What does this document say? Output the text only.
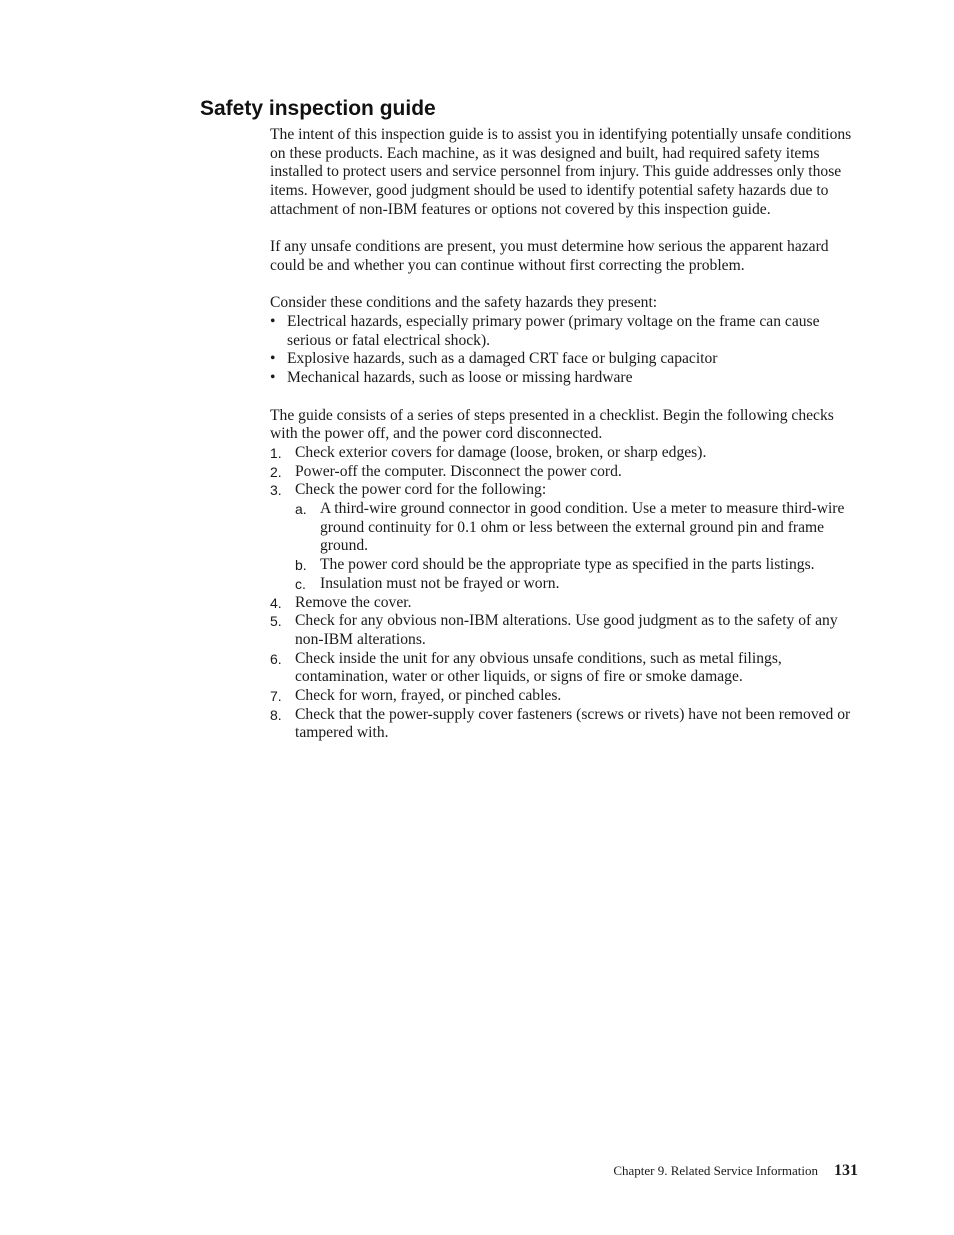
Safety inspection guide

The intent of this inspection guide is to assist you in identifying potentially unsafe conditions on these products. Each machine, as it was designed and built, had required safety items installed to protect users and service personnel from injury. This guide addresses only those items. However, good judgment should be used to identify potential safety hazards due to attachment of non-IBM features or options not covered by this inspection guide.

If any unsafe conditions are present, you must determine how serious the apparent hazard could be and whether you can continue without first correcting the problem.

Consider these conditions and the safety hazards they present:

• Electrical hazards, especially primary power (primary voltage on the frame can cause serious or fatal electrical shock).
• Explosive hazards, such as a damaged CRT face or bulging capacitor
• Mechanical hazards, such as loose or missing hardware

The guide consists of a series of steps presented in a checklist. Begin the following checks with the power off, and the power cord disconnected.

1. Check exterior covers for damage (loose, broken, or sharp edges).
2. Power-off the computer. Disconnect the power cord.
3. Check the power cord for the following:
a. A third-wire ground connector in good condition. Use a meter to measure third-wire ground continuity for 0.1 ohm or less between the external ground pin and frame ground.
b. The power cord should be the appropriate type as specified in the parts listings.
c. Insulation must not be frayed or worn.
4. Remove the cover.
5. Check for any obvious non-IBM alterations. Use good judgment as to the safety of any non-IBM alterations.
6. Check inside the unit for any obvious unsafe conditions, such as metal filings, contamination, water or other liquids, or signs of fire or smoke damage.
7. Check for worn, frayed, or pinched cables.
8. Check that the power-supply cover fasteners (screws or rivets) have not been removed or tampered with.
Chapter 9. Related Service Information 131
